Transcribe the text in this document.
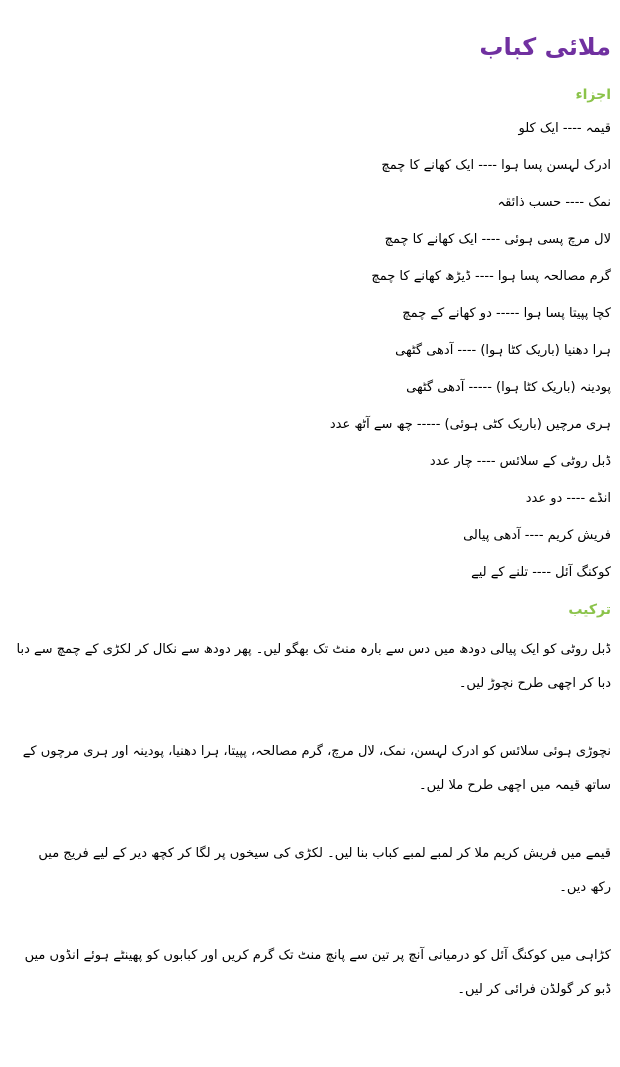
ملائی کباب
اجزاء
قیمہ ---- ایک کلو
ادرک لہسن پسا ہوا ---- ایک کھانے کا چمچ
نمک ---- حسب ذائقہ
لال مرچ پسی ہوئی ---- ایک کھانے کا چمچ
گرم مصالحہ پسا ہوا ---- ڈیڑھ کھانے کا چمچ
کچا پپیتا پسا ہوا ----- دو کھانے کے چمچ
ہرا دھنیا (باریک کٹا ہوا) ---- آدھی گٹھی
پودینہ (باریک کٹا ہوا) ----- آدھی گٹھی
ہری مرچیں (باریک کٹی ہوئی) ----- چھ سے آٹھ عدد
ڈبل روٹی کے سلائس ---- چار عدد
انڈے ---- دو عدد
فریش کریم ---- آدھی پیالی
کوکنگ آئل ---- تلنے کے لیے
ترکیب

ڈبل روٹی کو ایک پیالی دودھ میں دس سے بارہ منٹ تک بھگو لیں۔ پھر دودھ سے نکال کر لکڑی کے چمچ سے دبا دبا کر اچھی طرح نچوڑ لیں۔

نچوڑی ہوئی سلائس کو ادرک لہسن، نمک، لال مرچ، گرم مصالحہ، پپیتا، ہرا دھنیا، پودینہ اور ہری مرچوں کے ساتھ قیمہ میں اچھی طرح ملا لیں۔

قیمے میں فریش کریم ملا کر لمبے لمبے کباب بنا لیں۔ لکڑی کی سیخوں پر لگا کر کچھ دیر کے لیے فریج میں رکھ دیں۔

کڑاہی میں کوکنگ آئل کو درمیانی آنچ پر تین سے پانچ منٹ تک گرم کریں اور کبابوں کو پھینٹے ہوئے انڈوں میں ڈبو کر گولڈن فرائی کر لیں۔
